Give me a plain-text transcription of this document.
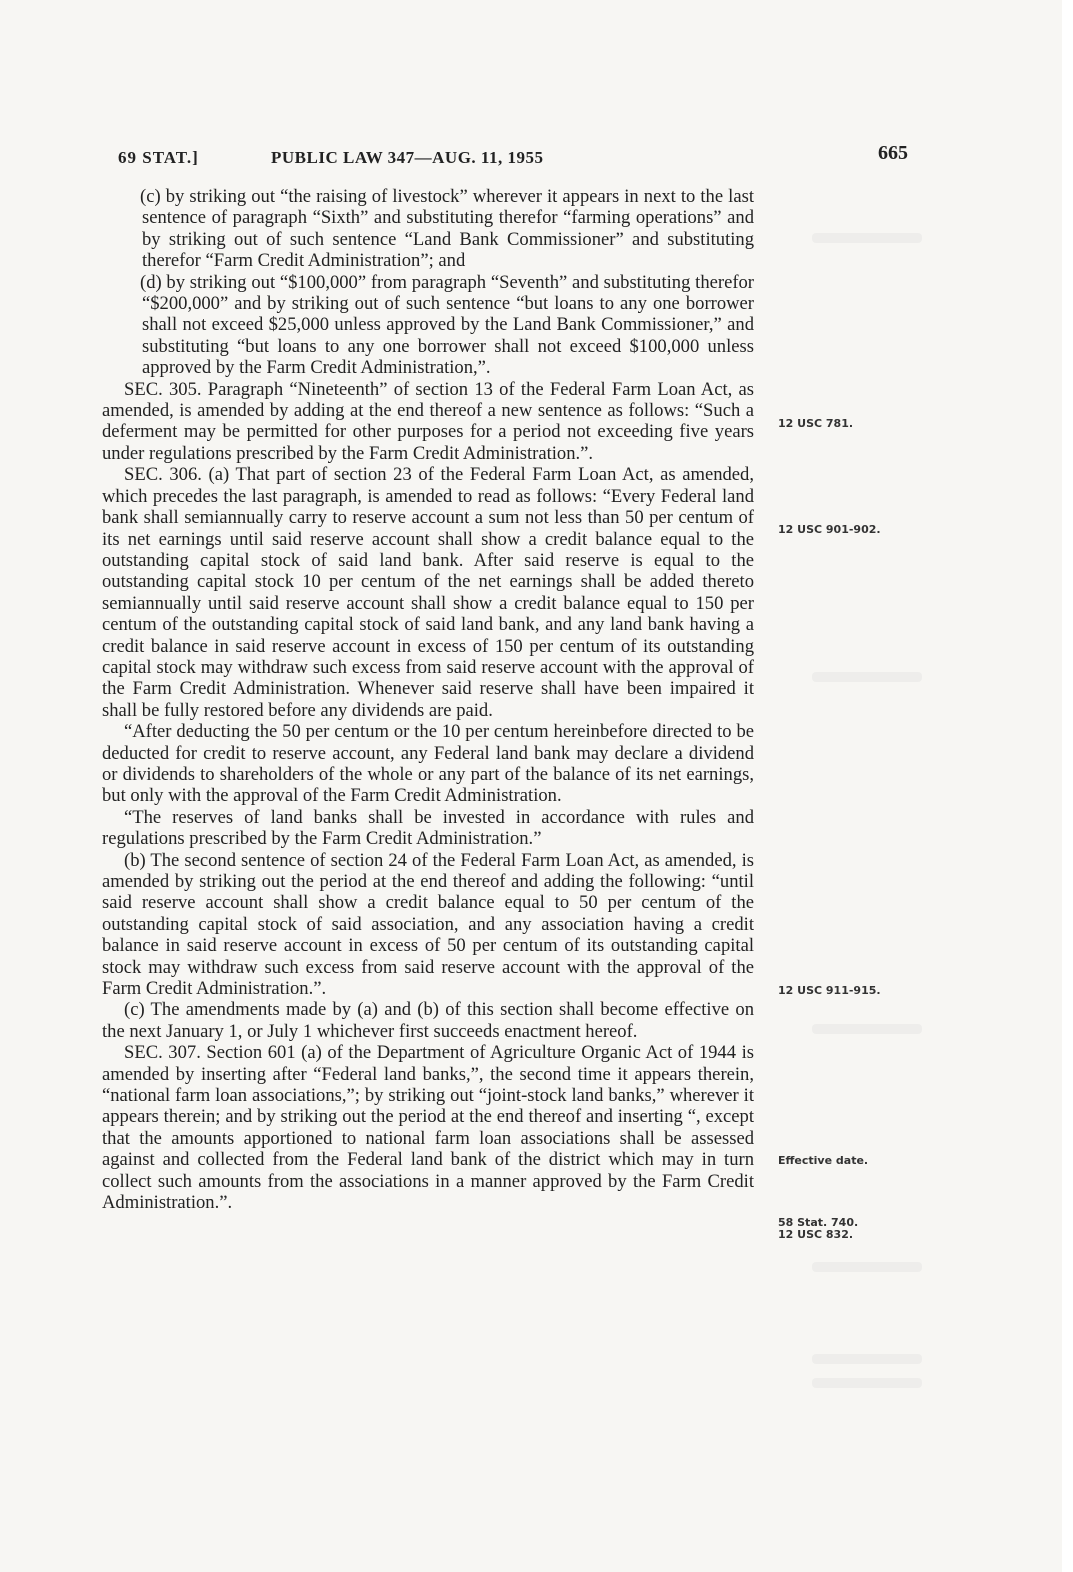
69 STAT.]	PUBLIC LAW 347—AUG. 11, 1955	665

(c) by striking out “the raising of livestock” wherever it appears in next to the last sentence of paragraph “Sixth” and substituting therefor “farming operations” and by striking out of such sentence “Land Bank Commissioner” and substituting therefor “Farm Credit Administration”; and

(d) by striking out “$100,000” from paragraph “Seventh” and substituting therefor “$200,000” and by striking out of such sentence “but loans to any one borrower shall not exceed $25,000 unless approved by the Land Bank Commissioner,” and substituting “but loans to any one borrower shall not exceed $100,000 unless approved by the Farm Credit Administration,”.

SEC. 305. Paragraph “Nineteenth” of section 13 of the Federal Farm Loan Act, as amended, is amended by adding at the end thereof a new sentence as follows: “Such a deferment may be permitted for other purposes for a period not exceeding five years under regulations prescribed by the Farm Credit Administration.”.

SEC. 306. (a) That part of section 23 of the Federal Farm Loan Act, as amended, which precedes the last paragraph, is amended to read as follows: “Every Federal land bank shall semiannually carry to reserve account a sum not less than 50 per centum of its net earnings until said reserve account shall show a credit balance equal to the outstanding capital stock of said land bank. After said reserve is equal to the outstanding capital stock 10 per centum of the net earnings shall be added thereto semiannually until said reserve account shall show a credit balance equal to 150 per centum of the outstanding capital stock of said land bank, and any land bank having a credit balance in said reserve account in excess of 150 per centum of its outstanding capital stock may withdraw such excess from said reserve account with the approval of the Farm Credit Administration. Whenever said reserve shall have been impaired it shall be fully restored before any dividends are paid.

“After deducting the 50 per centum or the 10 per centum hereinbefore directed to be deducted for credit to reserve account, any Federal land bank may declare a dividend or dividends to shareholders of the whole or any part of the balance of its net earnings, but only with the approval of the Farm Credit Administration.

“The reserves of land banks shall be invested in accordance with rules and regulations prescribed by the Farm Credit Administration.”

(b) The second sentence of section 24 of the Federal Farm Loan Act, as amended, is amended by striking out the period at the end thereof and adding the following: “until said reserve account shall show a credit balance equal to 50 per centum of the outstanding capital stock of said association, and any association having a credit balance in said reserve account in excess of 50 per centum of its outstanding capital stock may withdraw such excess from said reserve account with the approval of the Farm Credit Administration.”.

(c) The amendments made by (a) and (b) of this section shall become effective on the next January 1, or July 1 whichever first succeeds enactment hereof.

SEC. 307. Section 601 (a) of the Department of Agriculture Organic Act of 1944 is amended by inserting after “Federal land banks,”, the second time it appears therein, “national farm loan associations,”; by striking out “joint-stock land banks,” wherever it appears therein; and by striking out the period at the end thereof and inserting “, except that the amounts apportioned to national farm loan associations shall be assessed against and collected from the Federal land bank of the district which may in turn collect such amounts from the associations in a manner approved by the Farm Credit Administration.”.

12 USC 781.
12 USC 901-902.
12 USC 911-915.
Effective date.
58 Stat. 740.
12 USC 832.
